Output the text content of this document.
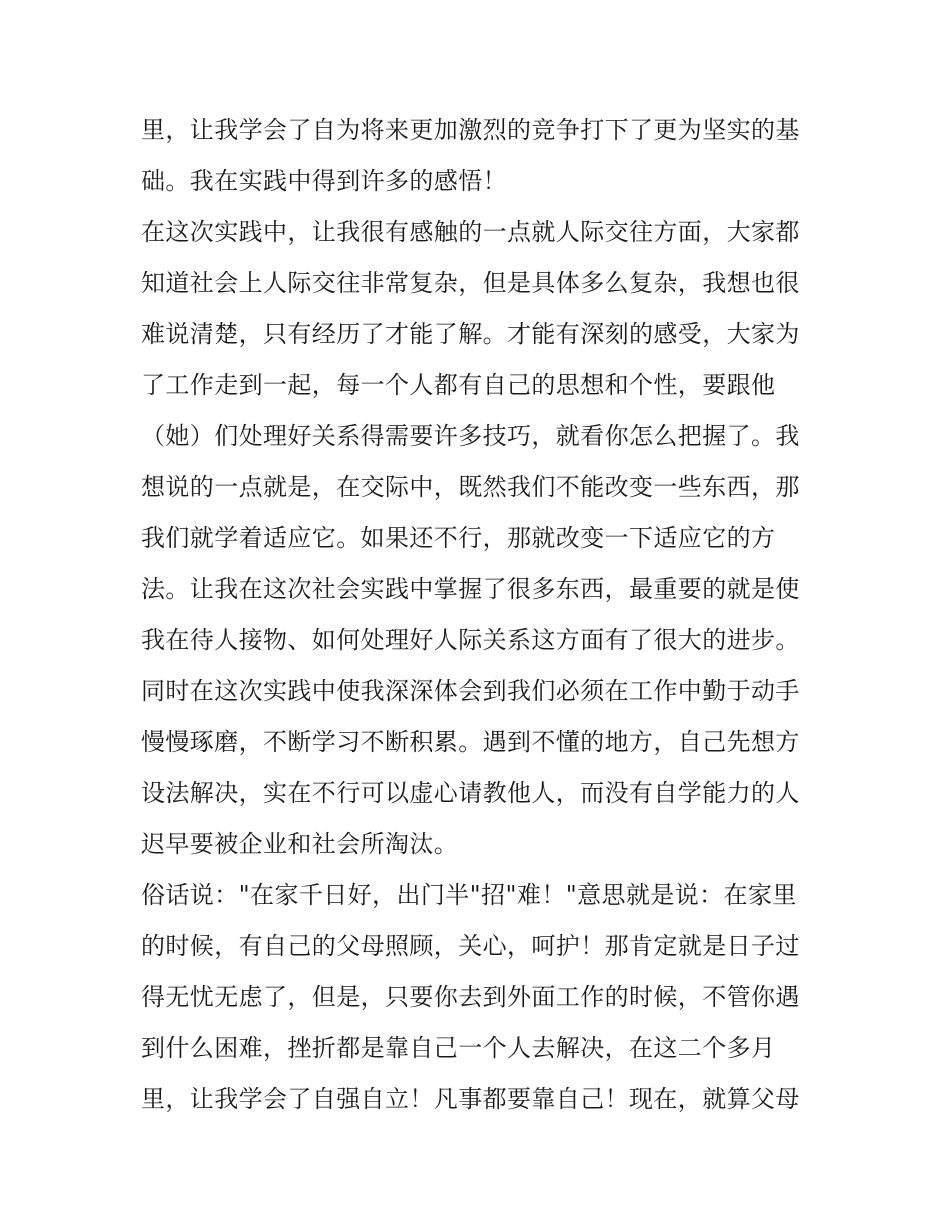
里，让我学会了自为将来更加激烈的竞争打下了更为坚实的基
础。我在实践中得到许多的感悟！
在这次实践中，让我很有感触的一点就人际交往方面，大家都
知道社会上人际交往非常复杂，但是具体多么复杂，我想也很
难说清楚，只有经历了才能了解。才能有深刻的感受，大家为
了工作走到一起，每一个人都有自己的思想和个性，要跟他
（她）们处理好关系得需要许多技巧，就看你怎么把握了。我
想说的一点就是，在交际中，既然我们不能改变一些东西，那
我们就学着适应它。如果还不行，那就改变一下适应它的方
法。让我在这次社会实践中掌握了很多东西，最重要的就是使
我在待人接物、如何处理好人际关系这方面有了很大的进步。
同时在这次实践中使我深深体会到我们必须在工作中勤于动手
慢慢琢磨，不断学习不断积累。遇到不懂的地方，自己先想方
设法解决，实在不行可以虚心请教他人，而没有自学能力的人
迟早要被企业和社会所淘汰。
俗话说："在家千日好，出门半"招"难！"意思就是说：在家里
的时候，有自己的父母照顾，关心，呵护！那肯定就是日子过
得无忧无虑了，但是，只要你去到外面工作的时候，不管你遇
到什么困难，挫折都是靠自己一个人去解决，在这二个多月
里，让我学会了自强自立！凡事都要靠自己！现在，就算父母
